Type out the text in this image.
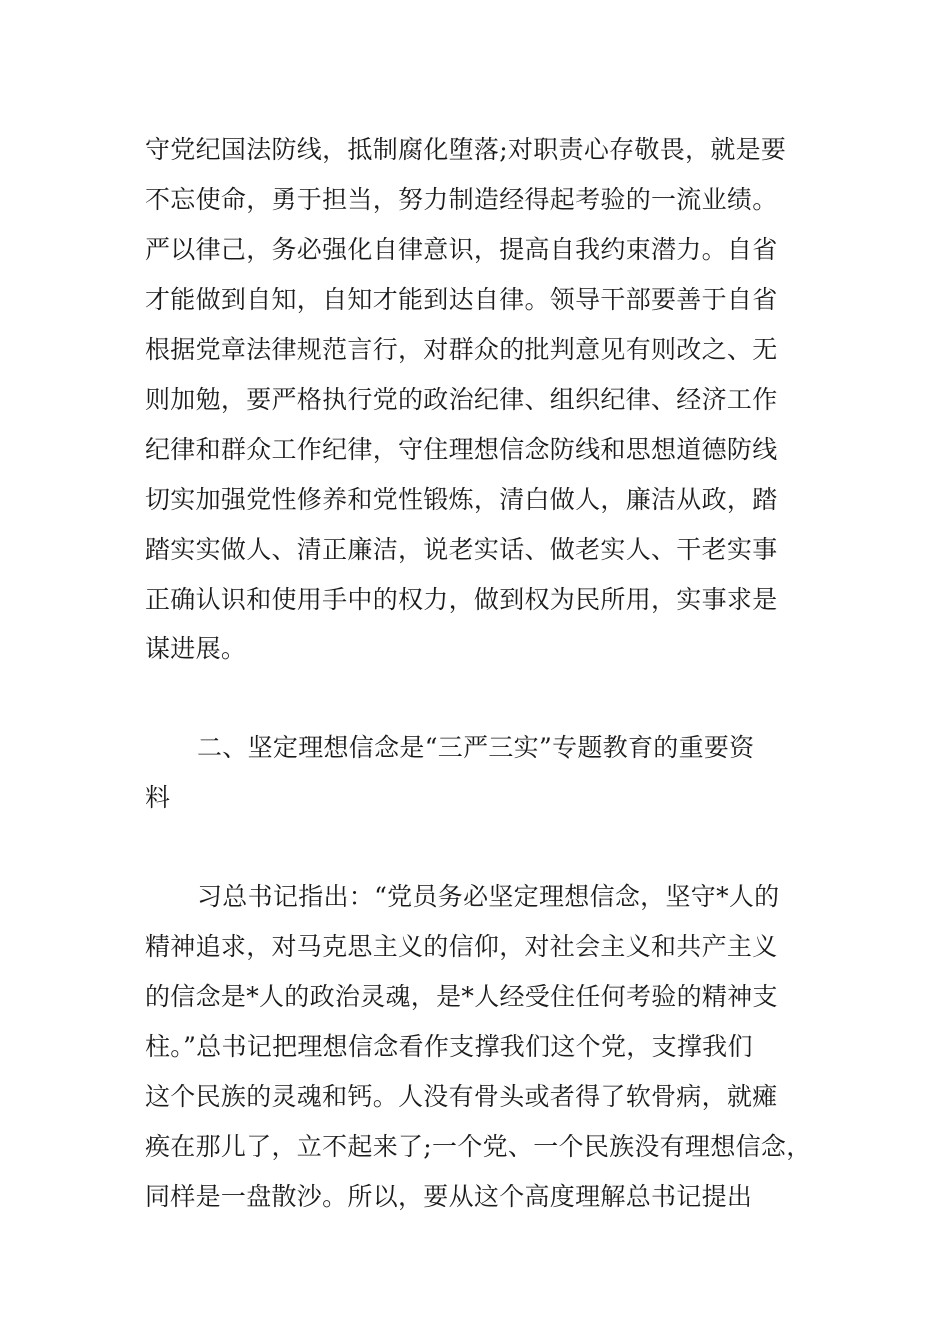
守党纪国法防线，抵制腐化堕落;对职责心存敬畏，就是要
不忘使命，勇于担当，努力制造经得起考验的一流业绩。
严以律己，务必强化自律意识，提高自我约束潜力。自省
才能做到自知，自知才能到达自律。领导干部要善于自省
根据党章法律规范言行，对群众的批判意见有则改之、无
则加勉，要严格执行党的政治纪律、组织纪律、经济工作
纪律和群众工作纪律，守住理想信念防线和思想道德防线
切实加强党性修养和党性锻炼，清白做人，廉洁从政，踏
踏实实做人、清正廉洁，说老实话、做老实人、干老实事
正确认识和使用手中的权力，做到权为民所用，实事求是
谋进展。
二、坚定理想信念是“三严三实”专题教育的重要资
料
习总书记指出：“党员务必坚定理想信念，坚守*人的
精神追求，对马克思主义的信仰，对社会主义和共产主义
的信念是*人的政治灵魂，是*人经受住任何考验的精神支
柱。”总书记把理想信念看作支撑我们这个党，支撑我们
这个民族的灵魂和钙。人没有骨头或者得了软骨病，就瘫
痪在那儿了，立不起来了;一个党、一个民族没有理想信念，
同样是一盘散沙。所以，要从这个高度理解总书记提出
